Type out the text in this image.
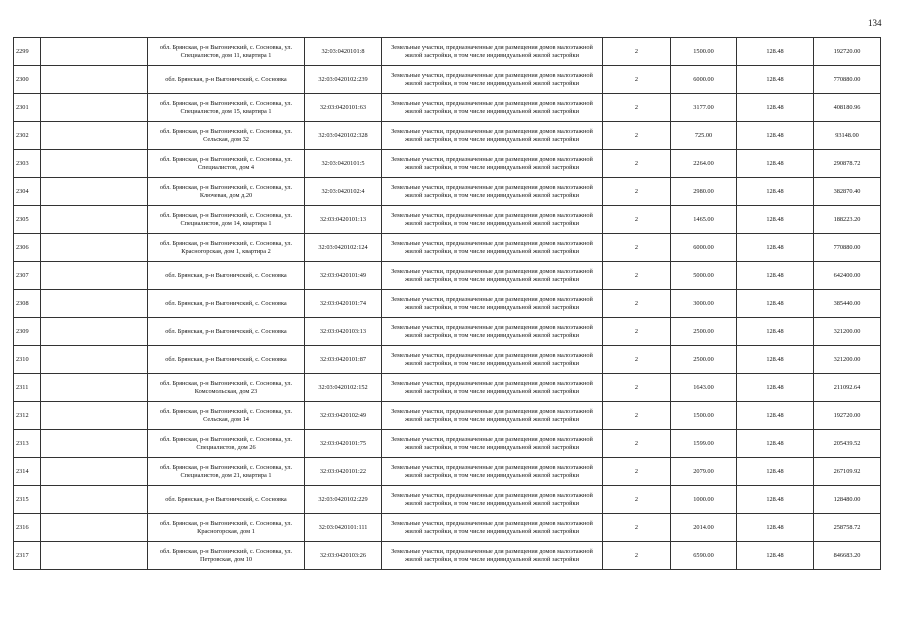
134
2299		обл. Брянская, р-н Выгоничский, с. Сосновка, ул. Специалистов, дом 11, квартира 1	32:03:0420101:8	Земельные участки, предназначенные для размещения домов малоэтажной жилой застройки, в том числе индивидуальной жилой застройки	2	1500.00	128.48	192720.00
2300		обл. Брянская, р-н Выгоничский, с. Сосновка	32:03:0420102:239	Земельные участки, предназначенные для размещения домов малоэтажной жилой застройки, в том числе индивидуальной жилой застройки	2	6000.00	128.48	770880.00
2301		обл. Брянская, р-н Выгоничский, с. Сосновка, ул. Специалистов, дом 15, квартира 1	32:03:0420101:63	Земельные участки, предназначенные для размещения домов малоэтажной жилой застройки, в том числе индивидуальной жилой застройки	2	3177.00	128.48	408180.96
2302		обл. Брянская, р-н Выгоничский, с. Сосновка, ул. Сельская, дом 32	32:03:0420102:328	Земельные участки, предназначенные для размещения домов малоэтажной жилой застройки, в том числе индивидуальной жилой застройки	2	725.00	128.48	93148.00
2303		обл. Брянская, р-н Выгоничский, с. Сосновка, ул. Специалистов, дом 4	32:03:0420101:5	Земельные участки, предназначенные для размещения домов малоэтажной жилой застройки, в том числе индивидуальной жилой застройки	2	2264.00	128.48	290878.72
2304		обл. Брянская, р-н Выгоничский, с. Сосновка, ул. Ключевая, дом д.20	32:03:0420102:4	Земельные участки, предназначенные для размещения домов малоэтажной жилой застройки, в том числе индивидуальной жилой застройки	2	2980.00	128.48	382870.40
2305		обл. Брянская, р-н Выгоничский, с. Сосновка, ул. Специалистов, дом 14, квартира 1	32:03:0420101:13	Земельные участки, предназначенные для размещения домов малоэтажной жилой застройки, в том числе индивидуальной жилой застройки	2	1465.00	128.48	188223.20
2306		обл. Брянская, р-н Выгоничский, с. Сосновка, ул. Красногорская, дом 1, квартира 2	32:03:0420102:124	Земельные участки, предназначенные для размещения домов малоэтажной жилой застройки, в том числе индивидуальной жилой застройки	2	6000.00	128.48	770880.00
2307		обл. Брянская, р-н Выгоничский, с. Сосновка	32:03:0420101:49	Земельные участки, предназначенные для размещения домов малоэтажной жилой застройки, в том числе индивидуальной жилой застройки	2	5000.00	128.48	642400.00
2308		обл. Брянская, р-н Выгоничский, с. Сосновка	32:03:0420101:74	Земельные участки, предназначенные для размещения домов малоэтажной жилой застройки, в том числе индивидуальной жилой застройки	2	3000.00	128.48	385440.00
2309		обл. Брянская, р-н Выгоничский, с. Сосновка	32:03:0420103:13	Земельные участки, предназначенные для размещения домов малоэтажной жилой застройки, в том числе индивидуальной жилой застройки	2	2500.00	128.48	321200.00
2310		обл. Брянская, р-н Выгоничский, с. Сосновка	32:03:0420101:87	Земельные участки, предназначенные для размещения домов малоэтажной жилой застройки, в том числе индивидуальной жилой застройки	2	2500.00	128.48	321200.00
2311		обл. Брянская, р-н Выгоничский, с. Сосновка, ул. Комсомольская, дом 23	32:03:0420102:152	Земельные участки, предназначенные для размещения домов малоэтажной жилой застройки, в том числе индивидуальной жилой застройки	2	1643.00	128.48	211092.64
2312		обл. Брянская, р-н Выгоничский, с. Сосновка, ул. Сельская, дом 14	32:03:0420102:49	Земельные участки, предназначенные для размещения домов малоэтажной жилой застройки, в том числе индивидуальной жилой застройки	2	1500.00	128.48	192720.00
2313		обл. Брянская, р-н Выгоничский, с. Сосновка, ул. Специалистов, дом 26	32:03:0420101:75	Земельные участки, предназначенные для размещения домов малоэтажной жилой застройки, в том числе индивидуальной жилой застройки	2	1599.00	128.48	205439.52
2314		обл. Брянская, р-н Выгоничский, с. Сосновка, ул. Специалистов, дом 21, квартира 1	32:03:0420101:22	Земельные участки, предназначенные для размещения домов малоэтажной жилой застройки, в том числе индивидуальной жилой застройки	2	2079.00	128.48	267109.92
2315		обл. Брянская, р-н Выгоничский, с. Сосновка	32:03:0420102:229	Земельные участки, предназначенные для размещения домов малоэтажной жилой застройки, в том числе индивидуальной жилой застройки	2	1000.00	128.48	128480.00
2316		обл. Брянская, р-н Выгоничский, с. Сосновка, ул. Красногорская, дом 1	32:03:0420101:111	Земельные участки, предназначенные для размещения домов малоэтажной жилой застройки, в том числе индивидуальной жилой застройки	2	2014.00	128.48	258758.72
2317		обл. Брянская, р-н Выгоничский, с. Сосновка, ул. Петровская, дом 10	32:03:0420103:26	Земельные участки, предназначенные для размещения домов малоэтажной жилой застройки, в том числе индивидуальной жилой застройки	2	6590.00	128.48	846683.20
